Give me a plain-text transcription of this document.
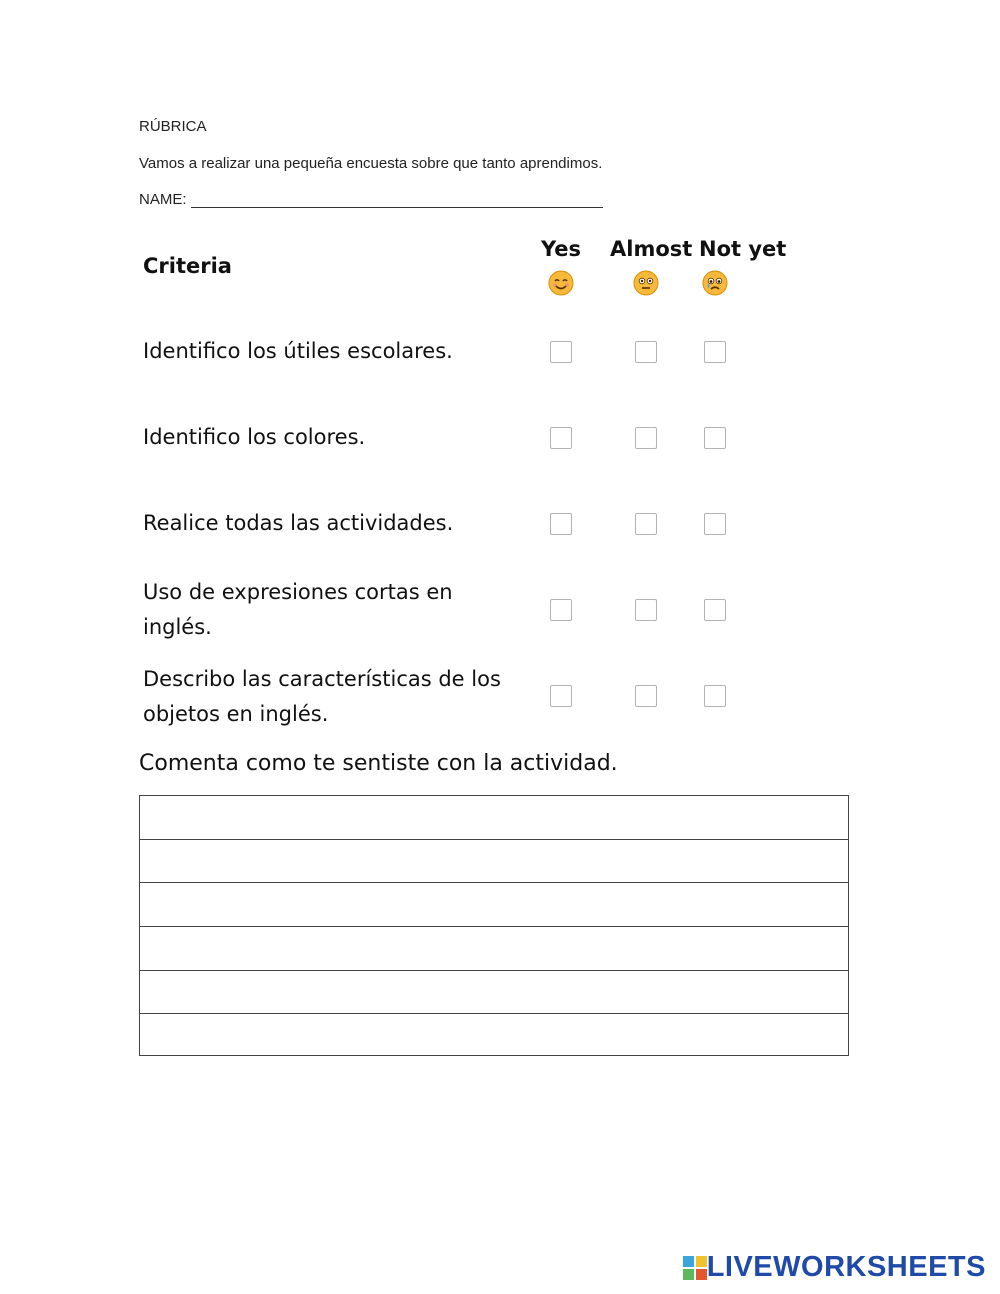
RÚBRICA
Vamos a realizar una pequeña encuesta sobre que tanto aprendimos.
NAME:
Criteria
Yes Almost Not yet
Identifico los útiles escolares.
Identifico los colores.
Realice todas las actividades.
Uso de expresiones cortas en
inglés.
Describo las características de los
objetos en inglés.
Comenta como te sentiste con la actividad.
LIVEWORKSHEETS
